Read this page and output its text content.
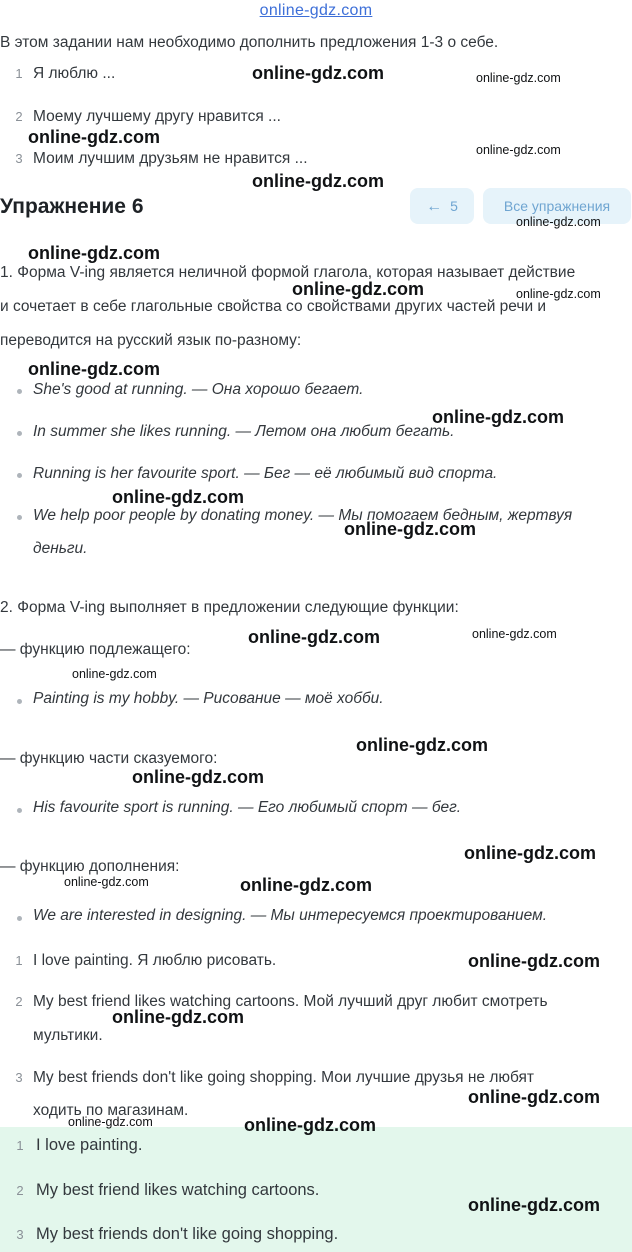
online-gdz.com
В этом задании нам необходимо дополнить предложения 1-3 о себе.
1 Я люблю ...
2 Моему лучшему другу нравится ...
3 Моим лучшим друзьям не нравится ...
Упражнение 6	← 5	Все упражнения
1. Форма V-ing является неличной формой глагола, которая называет действие
и сочетает в себе глагольные свойства со свойствами других частей речи и
переводится на русский язык по-разному:
She's good at running. — Она хорошо бегает.
In summer she likes running. — Летом она любит бегать.
Running is her favourite sport. — Бег — её любимый вид спорта.
We help poor people by donating money. — Мы помогаем бедным, жертвуя
деньги.
2. Форма V-ing выполняет в предложении следующие функции:
— функцию подлежащего:
Painting is my hobby. — Рисование — моё хобби.
— функцию части сказуемого:
His favourite sport is running. — Его любимый спорт — бег.
— функцию дополнения:
We are interested in designing. — Мы интересуемся проектированием.
1 I love painting. Я люблю рисовать.
2 My best friend likes watching cartoons. Мой лучший друг любит смотреть
мультики.
3 My best friends don't like going shopping. Мои лучшие друзья не любят
ходить по магазинам.
1 I love painting.
2 My best friend likes watching cartoons.
3 My best friends don't like going shopping.
online-gdz.com	online-gdz.com
online-gdz.com
online-gdz.com
online-gdz.com
online-gdz.com
online-gdz.com
online-gdz.com	online-gdz.com
online-gdz.com
online-gdz.com
online-gdz.com
online-gdz.com
online-gdz.com	online-gdz.com
online-gdz.com
online-gdz.com
online-gdz.com
online-gdz.com
online-gdz.com	online-gdz.com
online-gdz.com
online-gdz.com
online-gdz.com
online-gdz.com	online-gdz.com
online-gdz.com
